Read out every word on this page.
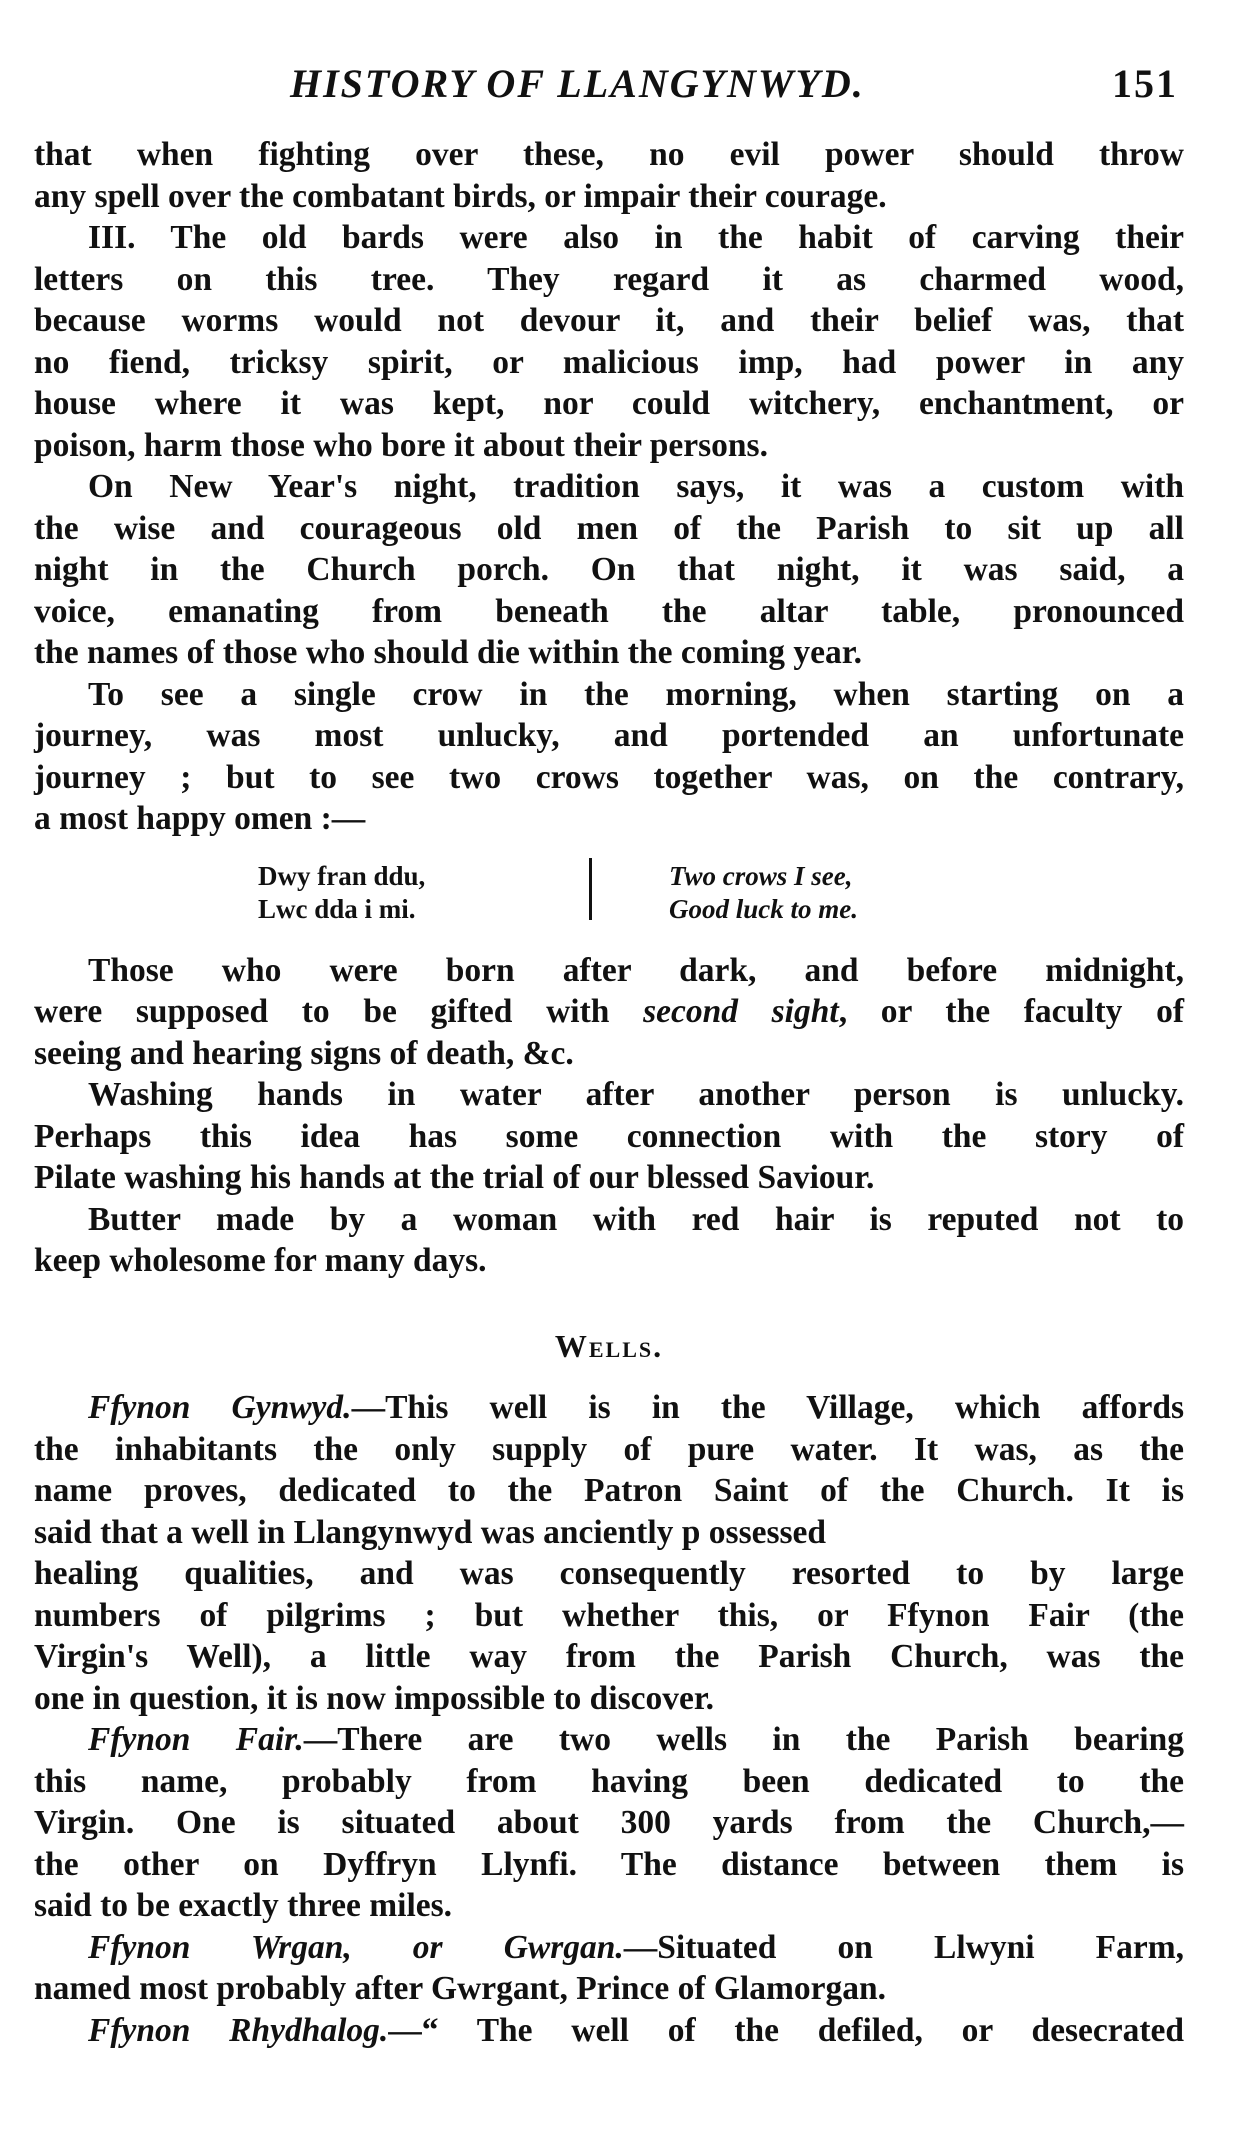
HISTORY OF LLANGYNWYD.	151
that when fighting over these, no evil power should throw
any spell over the combatant birds, or impair their courage.
III. The old bards were also in the habit of carving their
letters on this tree. They regard it as charmed wood,
because worms would not devour it, and their belief was, that
no fiend, tricksy spirit, or malicious imp, had power in any
house where it was kept, nor could witchery, enchantment, or
poison, harm those who bore it about their persons.
On New Year's night, tradition says, it was a custom with
the wise and courageous old men of the Parish to sit up all
night in the Church porch. On that night, it was said, a
voice, emanating from beneath the altar table, pronounced
the names of those who should die within the coming year.
To see a single crow in the morning, when starting on a
journey, was most unlucky, and portended an unfortunate
journey ; but to see two crows together was, on the contrary,
a most happy omen :—
Dwy fran ddu,
Lwc dda i mi.
Two crows I see,
Good luck to me.
Those who were born after dark, and before midnight,
were supposed to be gifted with second sight, or the faculty of
seeing and hearing signs of death, &c.
Washing hands in water after another person is unlucky.
Perhaps this idea has some connection with the story of
Pilate washing his hands at the trial of our blessed Saviour.
Butter made by a woman with red hair is reputed not to
keep wholesome for many days.
Wells.
Ffynon Gynwyd.—This well is in the Village, which affords
the inhabitants the only supply of pure water. It was, as the
name proves, dedicated to the Patron Saint of the Church. It is
said that a well in Llangynwyd was anciently p ossessed
healing qualities, and was consequently resorted to by large
numbers of pilgrims ; but whether this, or Ffynon Fair (the
Virgin's Well), a little way from the Parish Church, was the
one in question, it is now impossible to discover.
Ffynon Fair.—There are two wells in the Parish bearing
this name, probably from having been dedicated to the
Virgin. One is situated about 300 yards from the Church,—
the other on Dyffryn Llynfi. The distance between them is
said to be exactly three miles.
Ffynon Wrgan, or Gwrgan.—Situated on Llwyni Farm,
named most probably after Gwrgant, Prince of Glamorgan.
Ffynon Rhydhalog.—“ The well of the defiled, or desecrated
